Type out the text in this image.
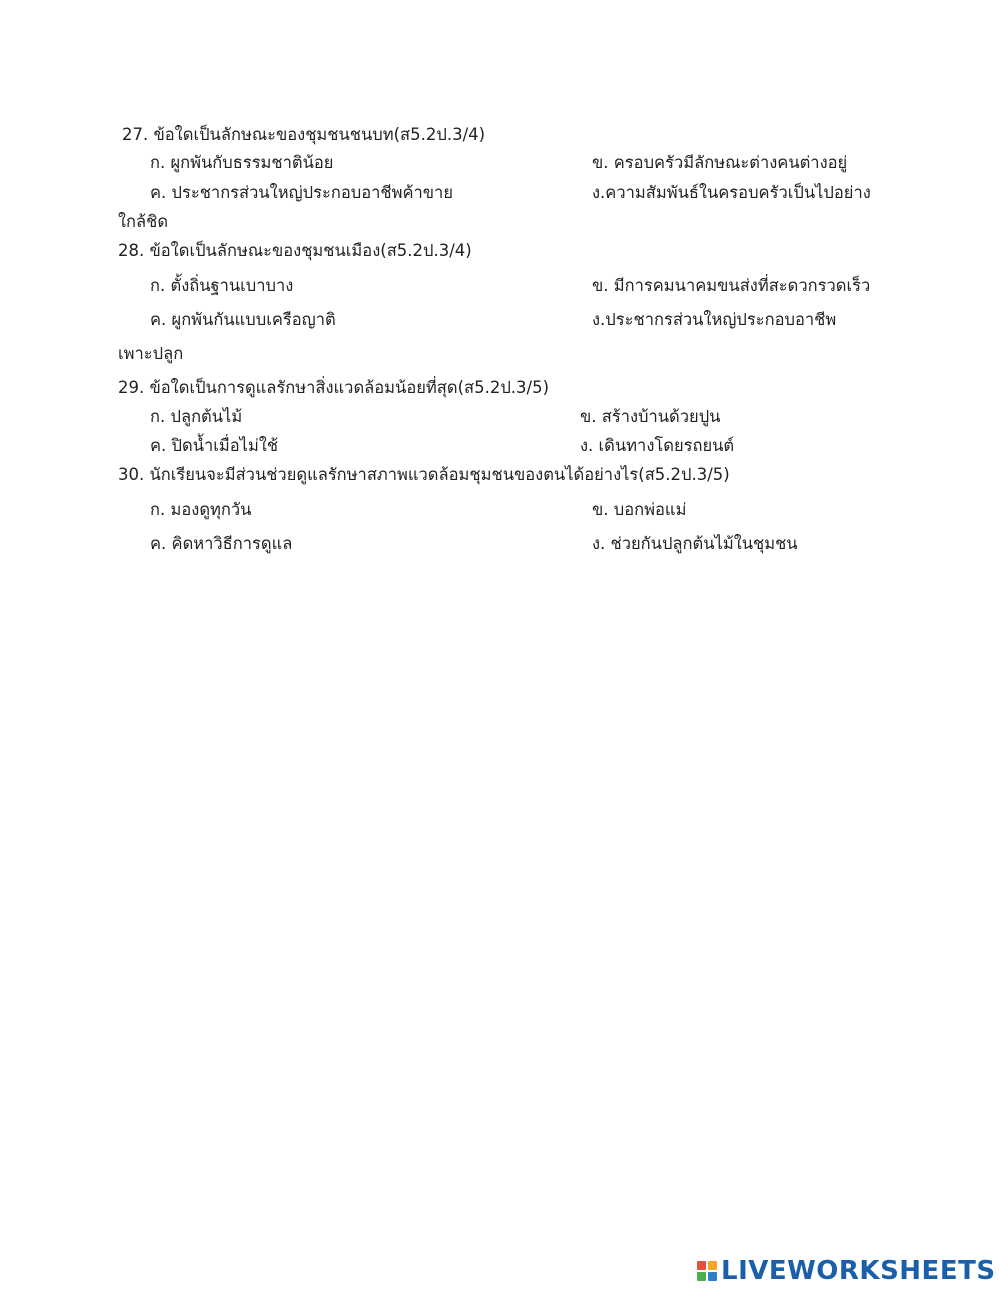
27. ข้อใดเป็นลักษณะของชุมชนชนบท(ส5.2ป.3/4)
ก. ผูกพันกับธรรมชาติน้อย	ข. ครอบครัวมีลักษณะต่างคนต่างอยู่
ค. ประชากรส่วนใหญ่ประกอบอาชีพค้าขาย	ง.ความสัมพันธ์ในครอบครัวเป็นไปอย่าง
ใกล้ชิด
28. ข้อใดเป็นลักษณะของชุมชนเมือง(ส5.2ป.3/4)
ก. ตั้งถิ่นฐานเบาบาง	ข. มีการคมนาคมขนส่งที่สะดวกรวดเร็ว
ค. ผูกพันกันแบบเครือญาติ	ง.ประชากรส่วนใหญ่ประกอบอาชีพ
เพาะปลูก
29. ข้อใดเป็นการดูแลรักษาสิ่งแวดล้อมน้อยที่สุด(ส5.2ป.3/5)
ก. ปลูกต้นไม้	ข. สร้างบ้านด้วยปูน
ค. ปิดน้ำเมื่อไม่ใช้	ง. เดินทางโดยรถยนต์
30. นักเรียนจะมีส่วนช่วยดูแลรักษาสภาพแวดล้อมชุมชนของตนได้อย่างไร(ส5.2ป.3/5)
ก. มองดูทุกวัน	ข. บอกพ่อแม่
ค. คิดหาวิธีการดูแล	ง. ช่วยกันปลูกต้นไม้ในชุมชน
LIVEWORKSHEETS
